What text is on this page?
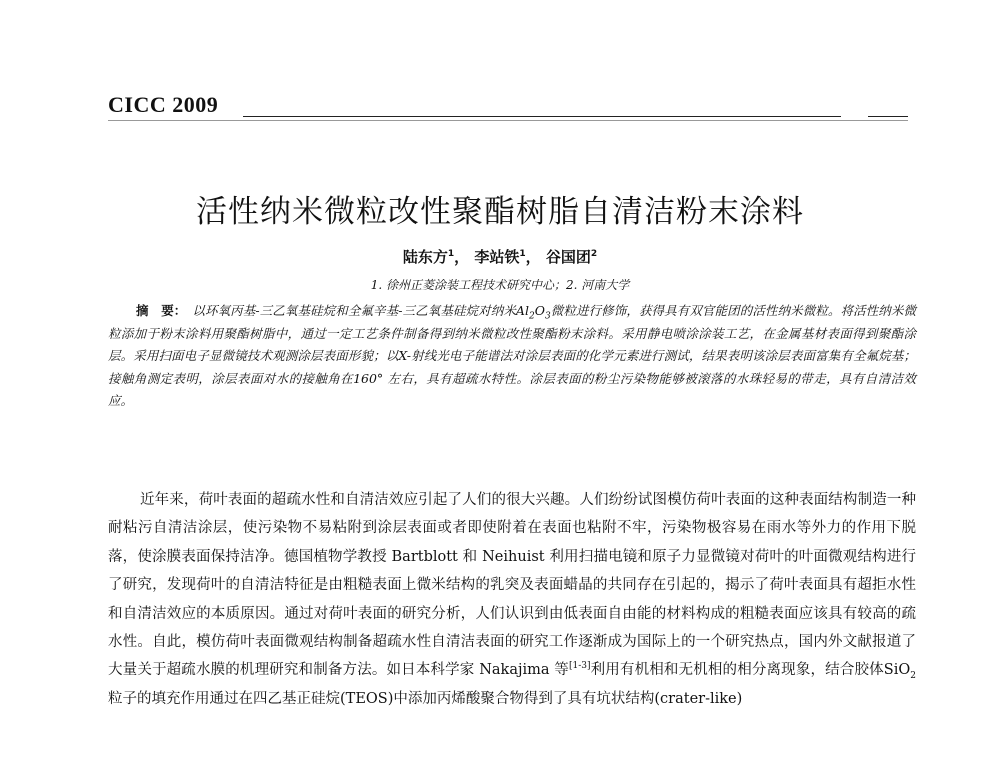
CICC 2009
活性纳米微粒改性聚酯树脂自清洁粉末涂料
陆东方$^1$， 李站铁$^1$， 谷国团$^2$
1. 徐州正菱涂装工程技术研究中心；2. 河南大学
摘　要： 以环氧丙基-三乙氧基硅烷和全氟辛基-三乙氧基硅烷对纳米$Al_2O_3$微粒进行修饰，获得具有双官能团的活性纳米微粒。将活性纳米微粒添加于粉末涂料用聚酯树脂中，通过一定工艺条件制备得到纳米微粒改性聚酯粉末涂料。采用静电喷涂涂装工艺，在金属基材表面得到聚酯涂层。采用扫面电子显微镜技术观测涂层表面形貌；以X-射线光电子能谱法对涂层表面的化学元素进行测试，结果表明该涂层表面富集有全氟烷基；接触角测定表明，涂层表面对水的接触角在160° 左右，具有超疏水特性。涂层表面的粉尘污染物能够被滚落的水珠轻易的带走，具有自清洁效应。
近年来，荷叶表面的超疏水性和自清洁效应引起了人们的很大兴趣。人们纷纷试图模仿荷叶表面的这种表面结构制造一种耐粘污自清洁涂层，使污染物不易粘附到涂层表面或者即使附着在表面也粘附不牢，污染物极容易在雨水等外力的作用下脱落，使涂膜表面保持洁净。德国植物学教授 Bartblott 和 Neihuist 利用扫描电镜和原子力显微镜对荷叶的叶面微观结构进行了研究，发现荷叶的自清洁特征是由粗糙表面上微米结构的乳突及表面蜡晶的共同存在引起的，揭示了荷叶表面具有超拒水性和自清洁效应的本质原因。通过对荷叶表面的研究分析，人们认识到由低表面自由能的材料构成的粗糙表面应该具有较高的疏水性。自此，模仿荷叶表面微观结构制备超疏水性自清洁表面的研究工作逐渐成为国际上的一个研究热点，国内外文献报道了大量关于超疏水膜的机理研究和制备方法。如日本科学家 Nakajima 等[1-3]利用有机相和无机相的相分离现象，结合胶体SiO$_2$ 粒子的填充作用通过在四乙基正硅烷(TEOS)中添加丙烯酸聚合物得到了具有坑状结构(crater-like)
